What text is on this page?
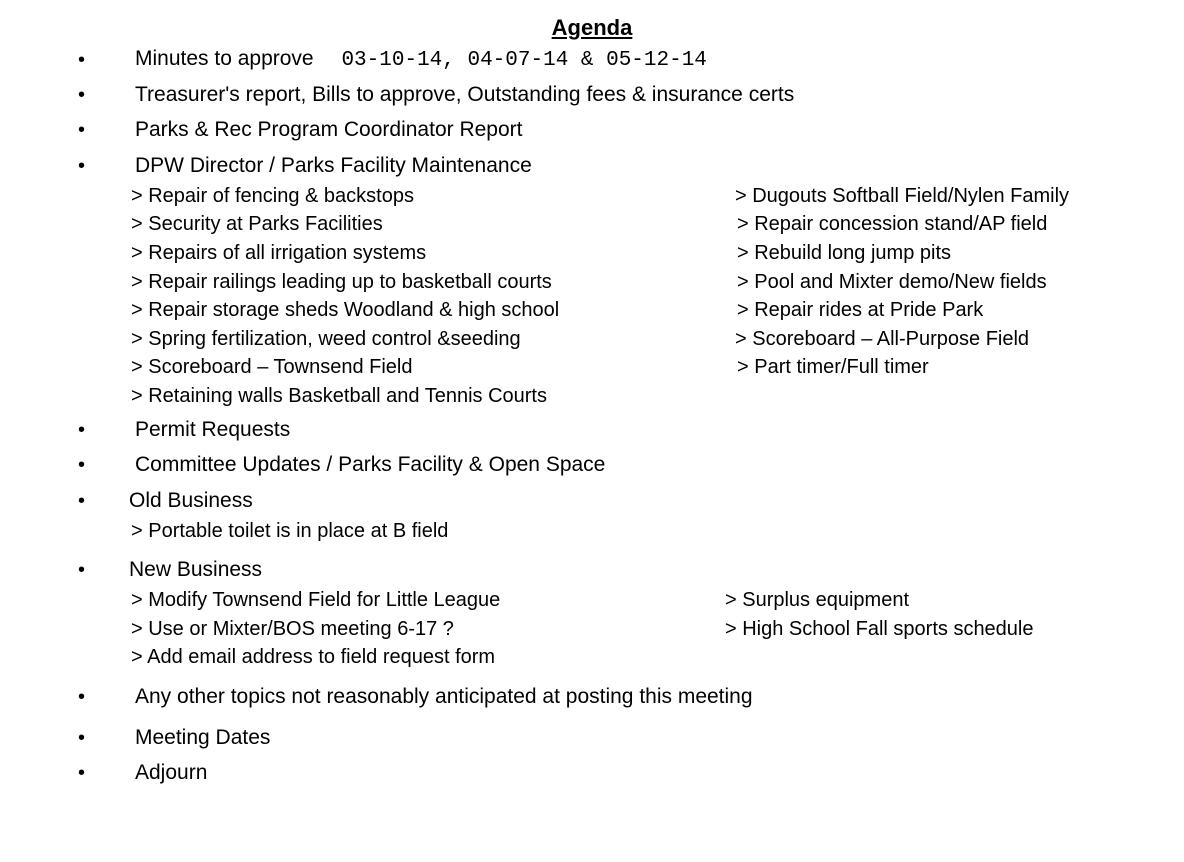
Agenda
• Minutes to approve 03-10-14, 04-07-14 & 05-12-14
• Treasurer's report, Bills to approve, Outstanding fees & insurance certs
• Parks & Rec Program Coordinator Report
• DPW Director / Parks Facility Maintenance
> Repair of fencing & backstops
> Security at Parks Facilities
> Repairs of all irrigation systems
> Repair railings leading up to basketball courts
> Repair storage sheds Woodland & high school
> Spring fertilization, weed control &seeding
> Scoreboard – Townsend Field
> Retaining walls Basketball and Tennis Courts
> Dugouts Softball Field/Nylen Family
> Repair concession stand/AP field
> Rebuild long jump pits
> Pool and Mixter demo/New fields
> Repair rides at Pride Park
> Scoreboard – All-Purpose Field
> Part timer/Full timer
• Permit Requests
• Committee Updates / Parks Facility & Open Space
• Old Business
> Portable toilet is in place at B field
• New Business
> Modify Townsend Field for Little League
> Use or Mixter/BOS meeting 6-17 ?
> Add email address to field request form
> Surplus equipment
> High School Fall sports schedule
• Any other topics not reasonably anticipated at posting this meeting
• Meeting Dates
• Adjourn
